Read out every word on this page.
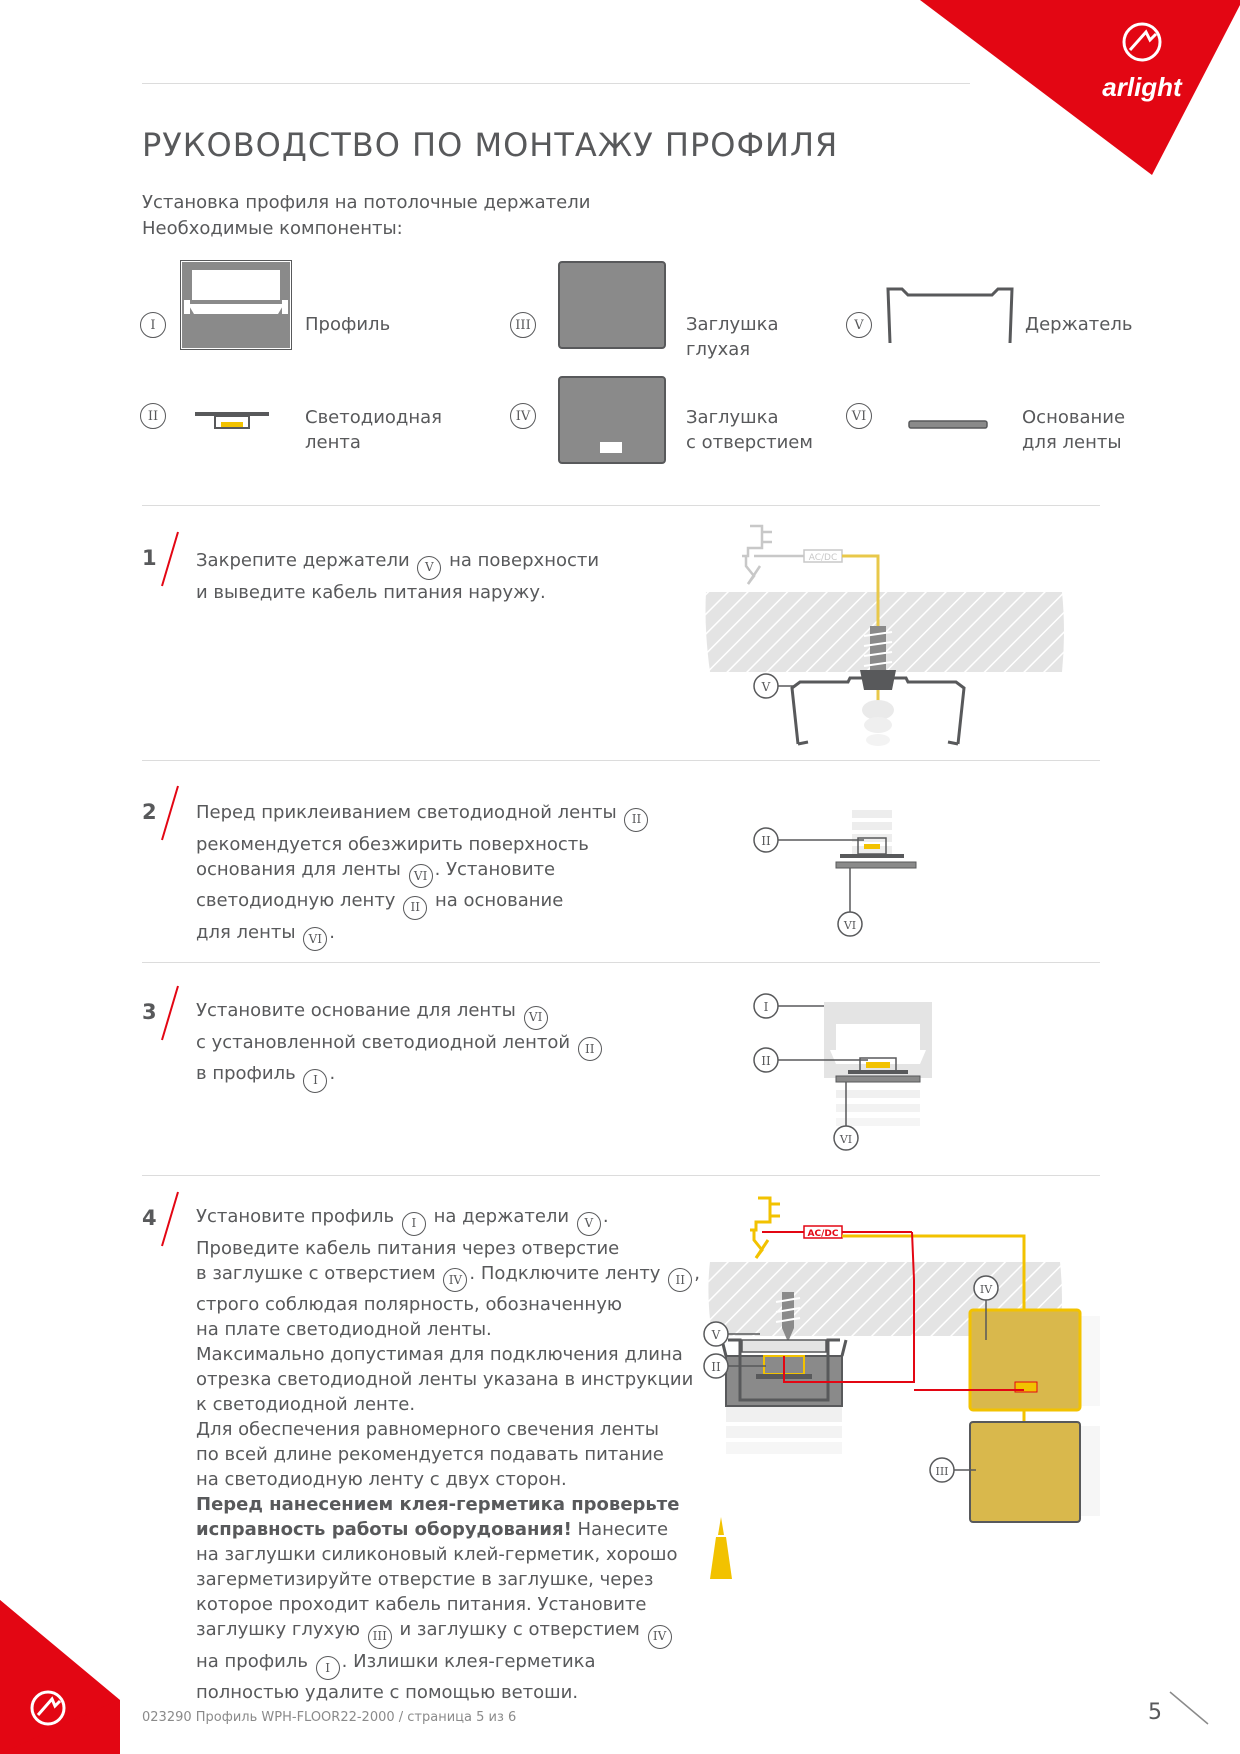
arlight
РУКОВОДСТВО ПО МОНТАЖУ ПРОФИЛЯ
Установка профиля на потолочные держатели
Необходимые компоненты:
I	Профиль
II	Светодиодная
лента
III	Заглушка
глухая
IV	Заглушка
с отверстием
V	Держатель
VI	Основание
для ленты
1
2
3
4
Закрепите держатели V на поверхности
и выведите кабель питания наружу.
AC/DC
V
Перед приклеиванием светодиодной ленты II
рекомендуется обезжирить поверхность
основания для ленты VI . Установите
светодиодную ленту II на основание
для ленты VI .
II
VI
Установите основание для ленты VI
с установленной светодиодной лентой II
в профиль I .
I
II
VI
Установите профиль I на держатели V .
Проведите кабель питания через отверстие
в заглушке с отверстием IV . Подключите ленту II ,
строго соблюдая полярность, обозначенную
на плате светодиодной ленты.
Максимально допустимая для подключения длина
отрезка светодиодной ленты указана в инструкции
к светодиодной ленте.
Для обеспечения равномерного свечения ленты
по всей длине рекомендуется подавать питание
на светодиодную ленту с двух сторон.
Перед нанесением клея-герметика проверьте
исправность работы оборудования! Нанесите
на заглушки силиконовый клей-герметик, хорошо
загерметизируйте отверстие в заглушке, через
которое проходит кабель питания. Установите
заглушку глухую III и заглушку с отверстием IV
на профиль I . Излишки клея-герметика
полностью удалите с помощью ветоши.
AC/DC
IV
V
II
III
023290 Профиль WPH-FLOOR22-2000 / страница 5 из 6	5
